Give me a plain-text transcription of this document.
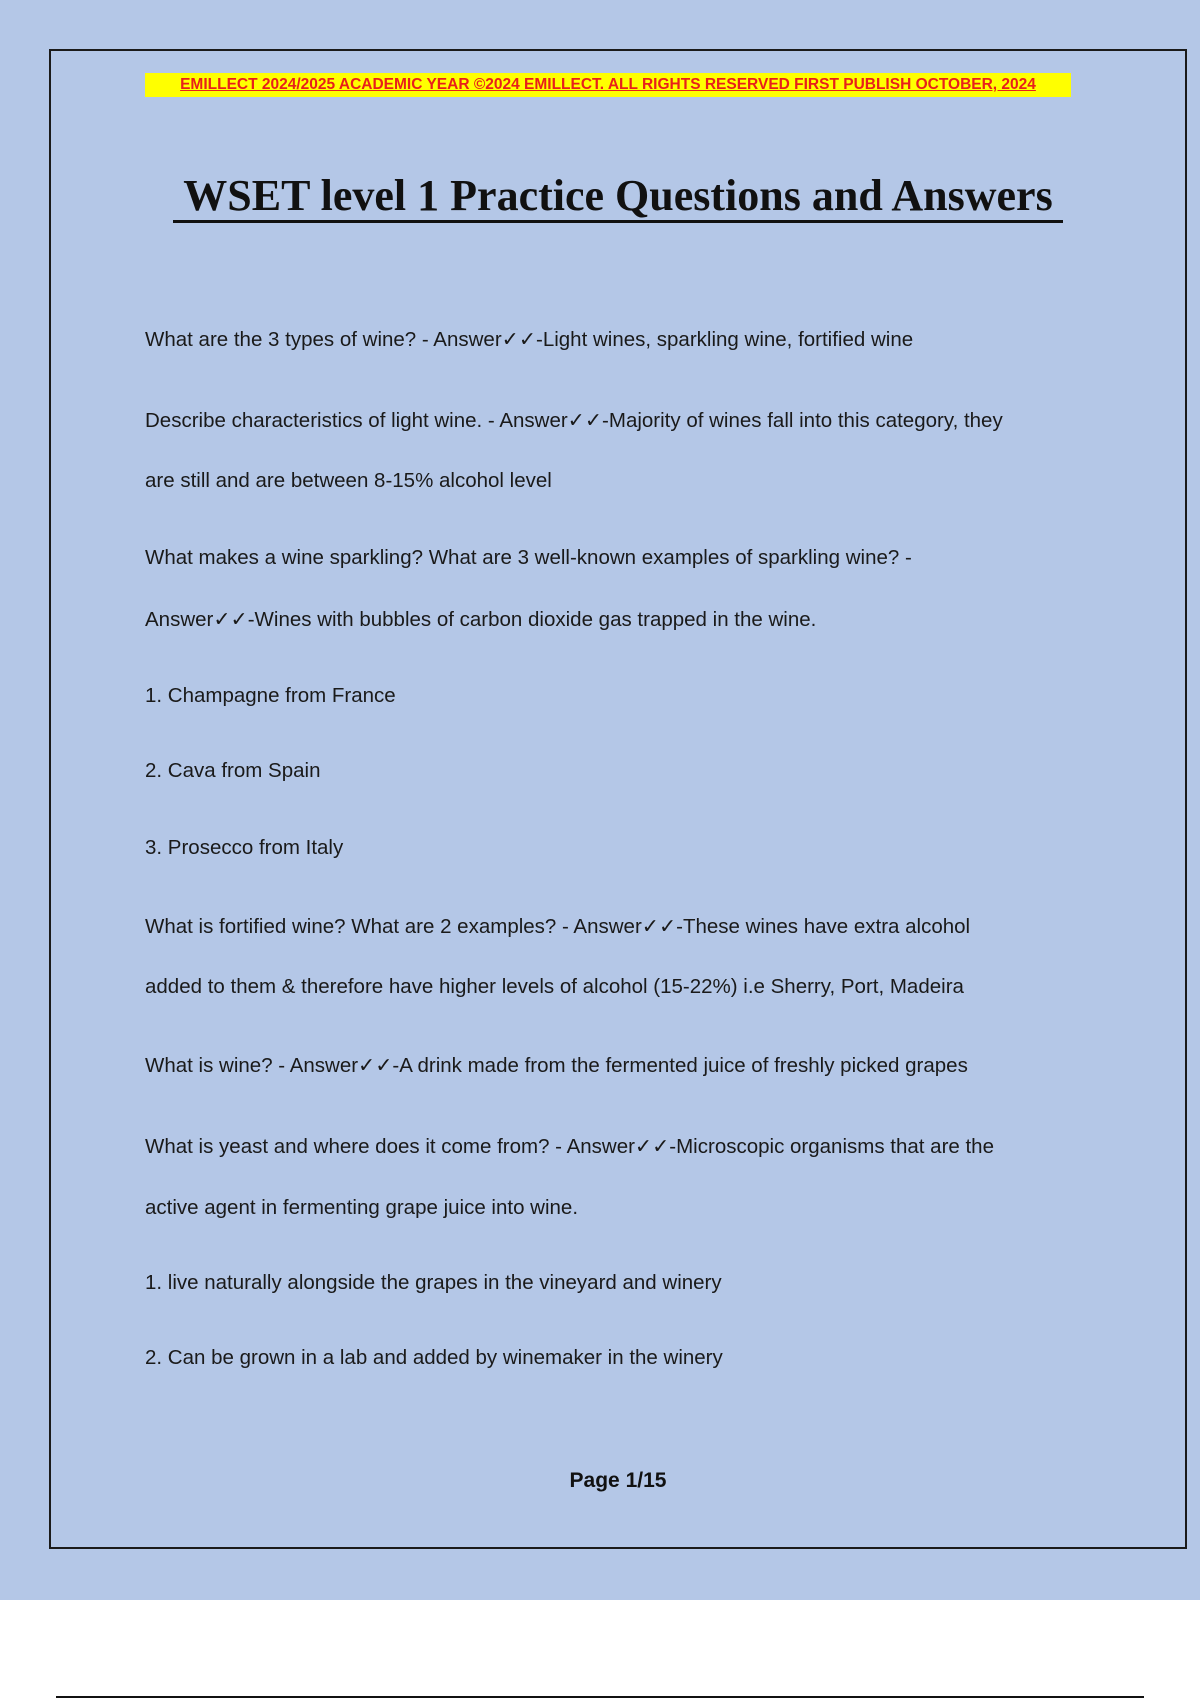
EMILLECT 2024/2025 ACADEMIC YEAR ©2024 EMILLECT. ALL RIGHTS RESERVED FIRST PUBLISH OCTOBER, 2024
WSET level 1 Practice Questions and Answers
What are the 3 types of wine? - Answer✓✓-Light wines, sparkling wine, fortified wine
Describe characteristics of light wine. - Answer✓✓-Majority of wines fall into this category, they
are still and are between 8-15% alcohol level
What makes a wine sparkling? What are 3 well-known examples of sparkling wine? -
Answer✓✓-Wines with bubbles of carbon dioxide gas trapped in the wine.
1. Champagne from France
2. Cava from Spain
3. Prosecco from Italy
What is fortified wine? What are 2 examples? - Answer✓✓-These wines have extra alcohol
added to them & therefore have higher levels of alcohol (15-22%) i.e Sherry, Port, Madeira
What is wine? - Answer✓✓-A drink made from the fermented juice of freshly picked grapes
What is yeast and where does it come from? - Answer✓✓-Microscopic organisms that are the
active agent in fermenting grape juice into wine.
1. live naturally alongside the grapes in the vineyard and winery
2. Can be grown in a lab and added by winemaker in the winery
Page 1/15
